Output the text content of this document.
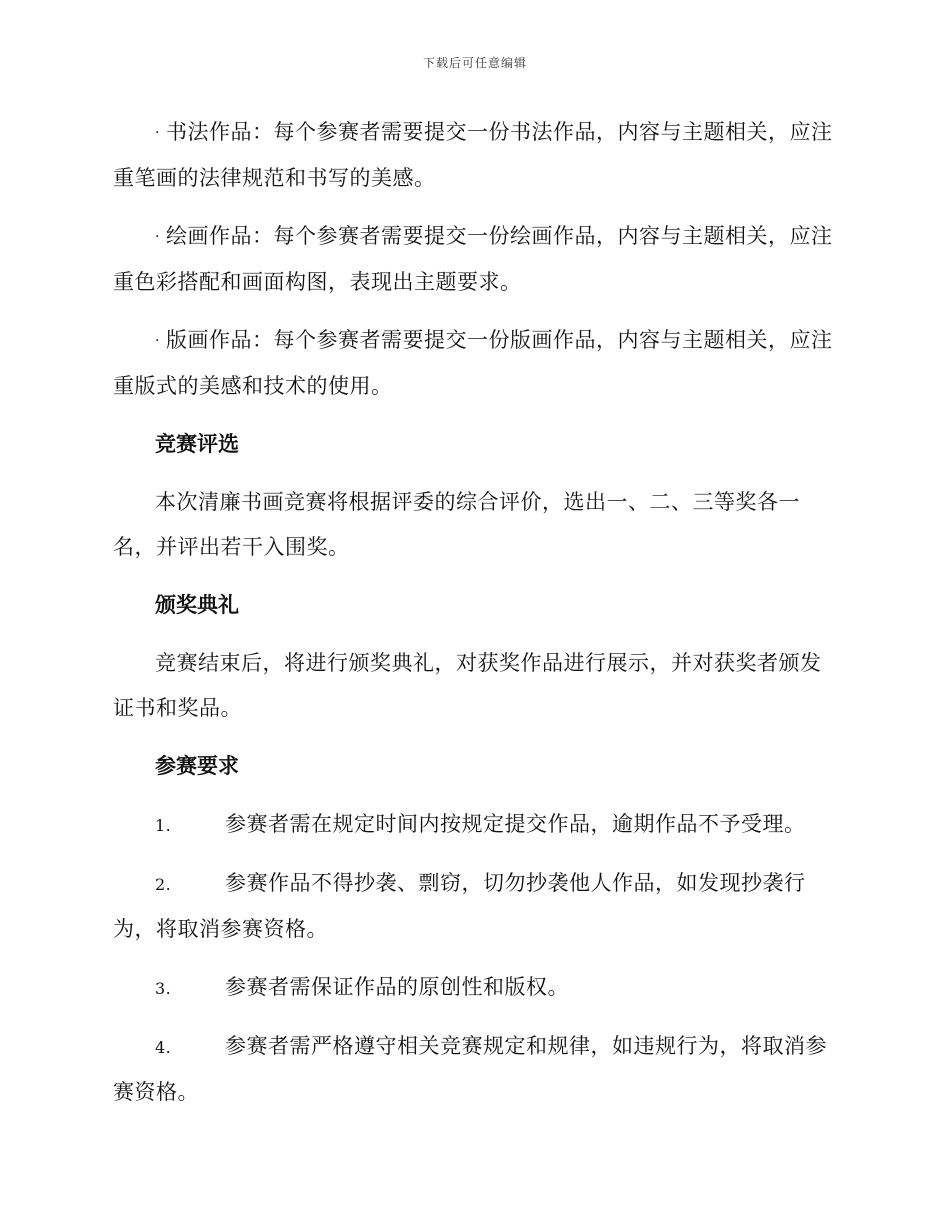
下载后可任意编辑

· 书法作品：每个参赛者需要提交一份书法作品，内容与主题相关，应注重笔画的法律规范和书写的美感。

· 绘画作品：每个参赛者需要提交一份绘画作品，内容与主题相关，应注重色彩搭配和画面构图，表现出主题要求。

· 版画作品：每个参赛者需要提交一份版画作品，内容与主题相关，应注重版式的美感和技术的使用。

竞赛评选

本次清廉书画竞赛将根据评委的综合评价，选出一、二、三等奖各一名，并评出若干入围奖。

颁奖典礼

竞赛结束后，将进行颁奖典礼，对获奖作品进行展示，并对获奖者颁发证书和奖品。

参赛要求

1.	参赛者需在规定时间内按规定提交作品，逾期作品不予受理。

2.	参赛作品不得抄袭、剽窃，切勿抄袭他人作品，如发现抄袭行为，将取消参赛资格。

3.	参赛者需保证作品的原创性和版权。

4.	参赛者需严格遵守相关竞赛规定和规律，如违规行为，将取消参赛资格。
